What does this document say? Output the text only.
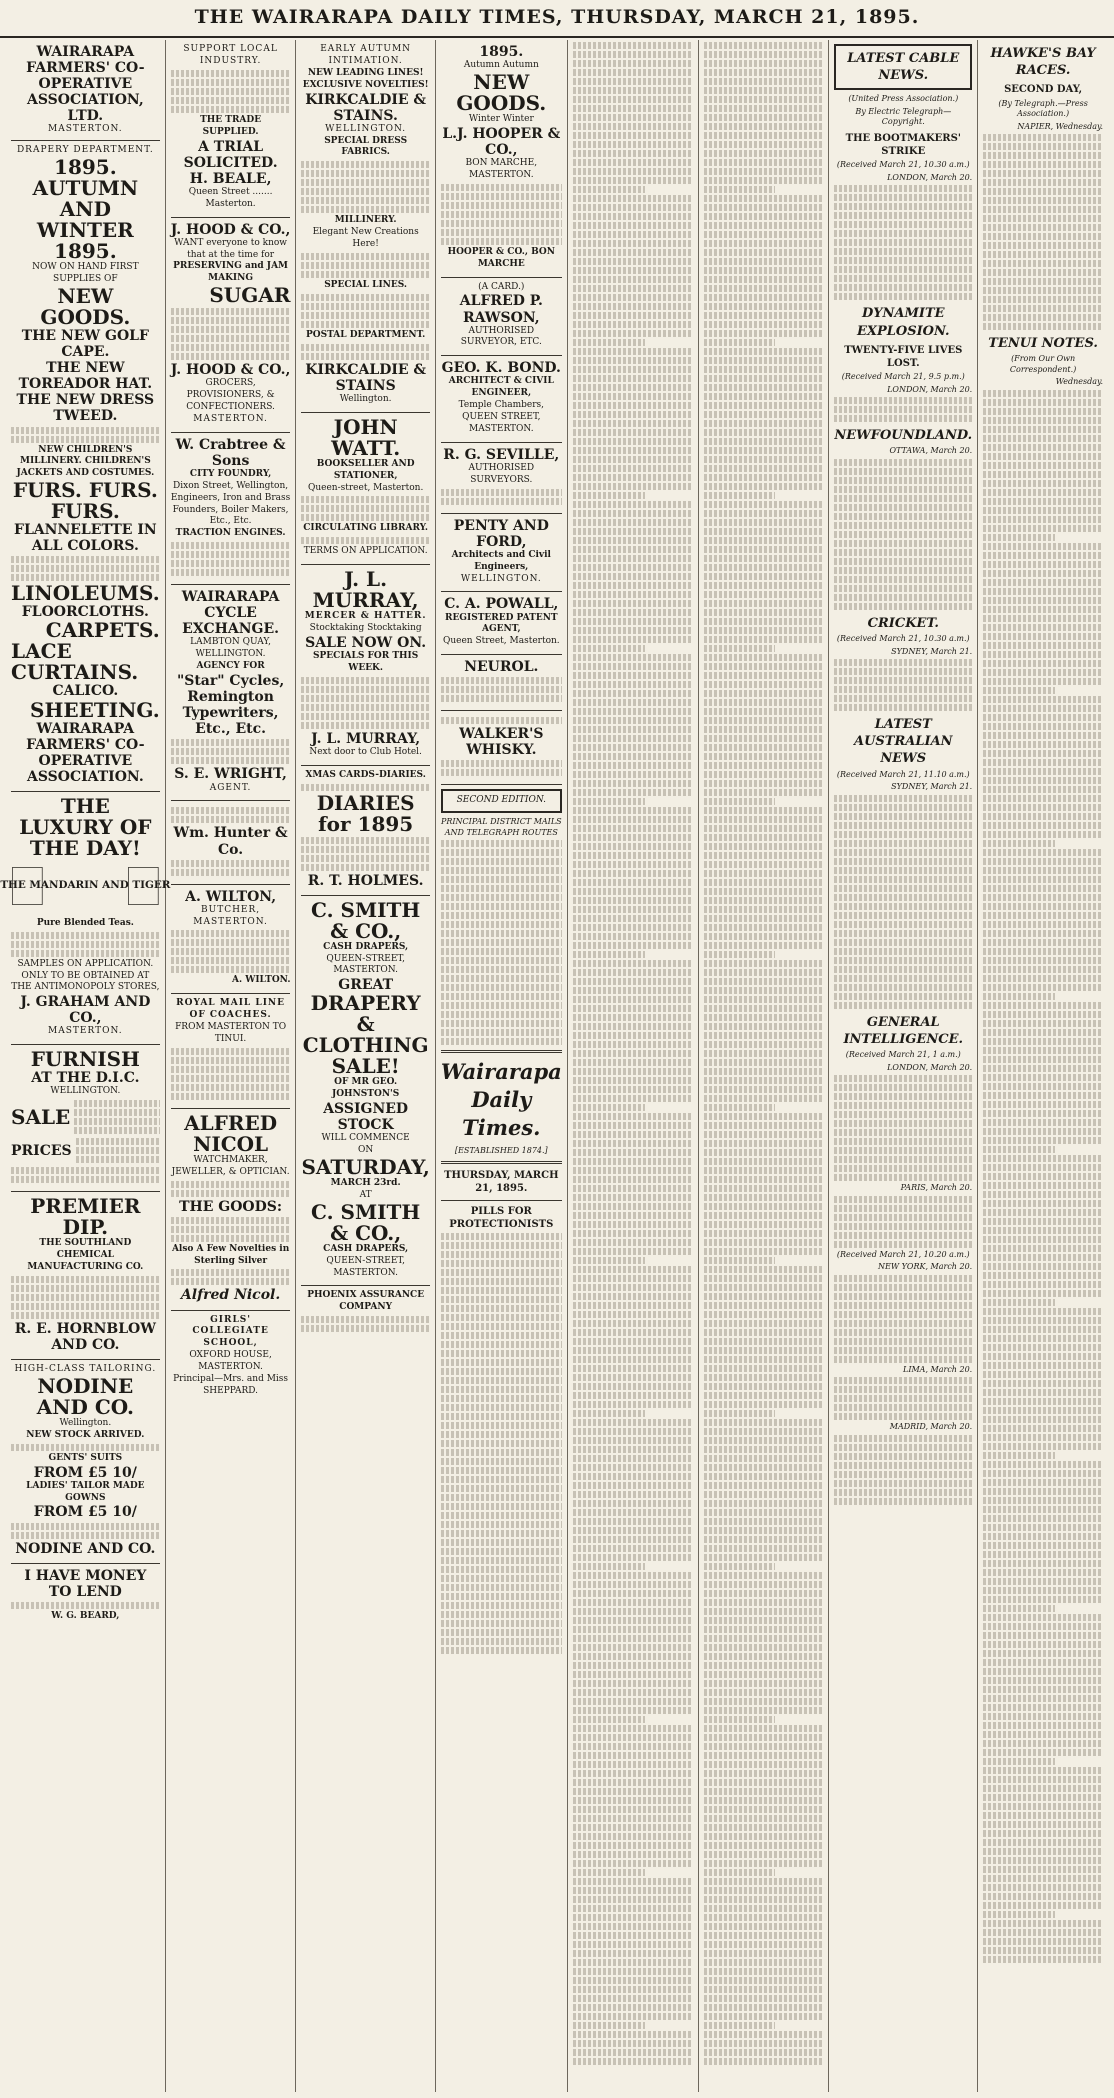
THE WAIRARAPA DAILY TIMES, THURSDAY, MARCH 21, 1895.
WAIRARAPA FARMERS' CO-OPERATIVE ASSOCIATION, LTD.
MASTERTON.
DRAPERY DEPARTMENT.
1895.
AUTUMN AND WINTER
1895.
NOW ON HAND FIRST SUPPLIES OF
NEW GOODS.
THE NEW GOLF CAPE.
THE NEW TOREADOR HAT.
THE NEW DRESS TWEED.
NEW CHILDREN'S MILLINERY. CHILDREN'S JACKETS AND COSTUMES.
FURS. FURS. FURS.
FLANNELETTE IN ALL COLORS.
LINOLEUMS.
FLOORCLOTHS.
CARPETS.
LACE CURTAINS.
CALICO.
SHEETING.
WAIRARAPA FARMERS' CO-OPERATIVE ASSOCIATION.
THE LUXURY OF THE DAY!
THE MANDARIN AND TIGER
Pure Blended Teas.
SAMPLES ON APPLICATION. ONLY TO BE OBTAINED AT THE ANTIMONOPOLY STORES,
J. GRAHAM AND CO.,
MASTERTON.
FURNISH
AT THE D.I.C.
WELLINGTON.
SALE
PRICES
PREMIER DIP.
THE SOUTHLAND CHEMICAL MANUFACTURING CO.
R. E. HORNBLOW AND CO.
HIGH-CLASS TAILORING.
NODINE AND CO.
Wellington.
NEW STOCK ARRIVED.
GENTS' SUITS
FROM £5 10/
LADIES' TAILOR MADE GOWNS
FROM £5 10/
NODINE AND CO.
I HAVE MONEY TO LEND
W. G. BEARD,
SUPPORT LOCAL INDUSTRY.
THE TRADE SUPPLIED.
A TRIAL SOLICITED.
H. BEALE,
Queen Street ....... Masterton.
J. HOOD & CO.,
WANT everyone to know that at the time for
PRESERVING and JAM MAKING
SUGAR
J. HOOD & CO.,
GROCERS, PROVISIONERS, & CONFECTIONERS.
MASTERTON.
W. Crabtree & Sons
CITY FOUNDRY,
Dixon Street, Wellington,
Engineers, Iron and Brass Founders, Boiler Makers, Etc., Etc.
TRACTION ENGINES.
WAIRARAPA CYCLE EXCHANGE.
LAMBTON QUAY, WELLINGTON.
AGENCY FOR
"Star" Cycles, Remington Typewriters, Etc., Etc.
S. E. WRIGHT,
AGENT.
Wm. Hunter & Co.
A. WILTON,
BUTCHER, MASTERTON.
A. WILTON.
ROYAL MAIL LINE OF COACHES.
FROM MASTERTON TO TINUI.
ALFRED NICOL
WATCHMAKER, JEWELLER, & OPTICIAN.
THE GOODS:
Also A Few Novelties in Sterling Silver
Alfred Nicol.
GIRLS' COLLEGIATE SCHOOL,
OXFORD HOUSE, MASTERTON.
Principal—Mrs. and Miss SHEPPARD.
EARLY AUTUMN INTIMATION.
NEW LEADING LINES!
EXCLUSIVE NOVELTIES!
KIRKCALDIE & STAINS.
WELLINGTON.
SPECIAL DRESS FABRICS.
MILLINERY.
Elegant New Creations Here!
SPECIAL LINES.
POSTAL DEPARTMENT.
KIRKCALDIE & STAINS
Wellington.
JOHN WATT.
BOOKSELLER AND STATIONER,
Queen-street, Masterton.
CIRCULATING LIBRARY.
TERMS ON APPLICATION.
J. L. MURRAY,
MERCER & HATTER.
Stocktaking Stocktaking
SALE NOW ON.
SPECIALS FOR THIS WEEK.
J. L. MURRAY,
Next door to Club Hotel.
XMAS CARDS-DIARIES.
DIARIES for 1895
R. T. HOLMES.
C. SMITH & CO.,
CASH DRAPERS,
QUEEN-STREET, MASTERTON.
GREAT
DRAPERY & CLOTHING SALE!
OF MR GEO. JOHNSTON'S
ASSIGNED STOCK
WILL COMMENCE
ON
SATURDAY,
MARCH 23rd.
AT
C. SMITH & CO.,
CASH DRAPERS,
QUEEN-STREET, MASTERTON.
PHOENIX ASSURANCE COMPANY
1895.
Autumn Autumn
NEW GOODS.
Winter Winter
L.J. HOOPER & CO.,
BON MARCHE, MASTERTON.
HOOPER & CO., BON MARCHE
(A CARD.)
ALFRED P. RAWSON,
AUTHORISED SURVEYOR, ETC.
GEO. K. BOND.
ARCHITECT & CIVIL ENGINEER,
Temple Chambers, QUEEN STREET, MASTERTON.
R. G. SEVILLE,
AUTHORISED SURVEYORS.
PENTY AND FORD,
Architects and Civil Engineers,
WELLINGTON.
C. A. POWALL,
REGISTERED PATENT AGENT,
Queen Street, Masterton.
NEUROL.
WALKER'S WHISKY.
SECOND EDITION.
PRINCIPAL DISTRICT MAILS AND TELEGRAPH ROUTES
Wairarapa Daily Times.
[ESTABLISHED 1874.]
THURSDAY, MARCH 21, 1895.
PILLS FOR PROTECTIONISTS
LATEST CABLE NEWS.
(United Press Association.)
By Electric Telegraph—Copyright.
THE BOOTMAKERS' STRIKE
(Received March 21, 10.30 a.m.)
LONDON, March 20.
DYNAMITE EXPLOSION.
TWENTY-FIVE LIVES LOST.
(Received March 21, 9.5 p.m.)
LONDON, March 20.
NEWFOUNDLAND.
OTTAWA, March 20.
CRICKET.
(Received March 21, 10.30 a.m.)
SYDNEY, March 21.
LATEST AUSTRALIAN NEWS
(Received March 21, 11.10 a.m.)
SYDNEY, March 21.
GENERAL INTELLIGENCE.
(Received March 21, 1 a.m.)
LONDON, March 20.
PARIS, March 20.
(Received March 21, 10.20 a.m.)
NEW YORK, March 20.
LIMA, March 20.
MADRID, March 20.
HAWKE'S BAY RACES.
SECOND DAY,
(By Telegraph.—Press Association.)
NAPIER, Wednesday.
TENUI NOTES.
(From Our Own Correspondent.)
Wednesday.
